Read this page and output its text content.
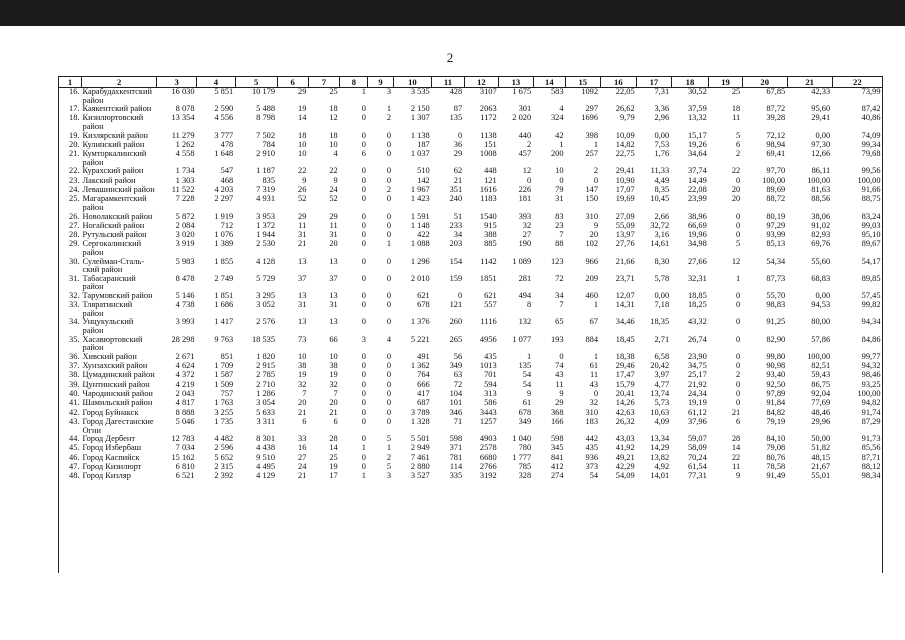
2
1	2	3	4	5	6	7	8	9	10	11	12	13	14	15	16	17	18	19	20	21	22
16.	Карабудахкентский район	16 030	5 851	10 179	29	25	1	3	3 535	428	3107	1 675	583	1092	22,05	7,31	30,52	25	67,85	42,33	73,99
17.	Каякентский район	8 078	2 590	5 488	19	18	0	1	2 150	87	2063	301	4	297	26,62	3,36	37,59	18	87,72	95,60	87,42
18.	Кизилюртовский район	13 354	4 556	8 798	14	12	0	2	1 307	135	1172	2 020	324	1696	9,79	2,96	13,32	11	39,28	29,41	40,86
19.	Кизлярский район	11 279	3 777	7 502	18	18	0	0	1 138	0	1138	440	42	398	10,09	0,00	15,17	5	72,12	0,00	74,09
20.	Кулинский район	1 262	478	784	10	10	0	0	187	36	151	2	1	1	14,82	7,53	19,26	6	98,94	97,30	99,34
21.	Кумторкалинский район	4 558	1 648	2 910	10	4	6	0	1 037	29	1008	457	200	257	22,75	1,76	34,64	2	69,41	12,66	79,68
22.	Курахский район	1 734	547	1 187	22	22	0	0	510	62	448	12	10	2	29,41	11,33	37,74	22	97,70	86,11	99,56
23.	Лакский район	1 303	468	835	9	9	0	0	142	21	121	0	0	0	10,90	4,49	14,49	0	100,00	100,00	100,00
24.	Левашинский район	11 522	4 203	7 319	26	24	0	2	1 967	351	1616	226	79	147	17,07	8,35	22,08	20	89,69	81,63	91,66
25.	Магарамкентский район	7 228	2 297	4 931	52	52	0	0	1 423	240	1183	181	31	150	19,69	10,45	23,99	20	88,72	88,56	88,75
26.	Новолакский район	5 872	1 919	3 953	29	29	0	0	1 591	51	1540	393	83	310	27,09	2,66	38,96	0	80,19	38,06	83,24
27.	Ногайский район	2 084	712	1 372	11	11	0	0	1 148	233	915	32	23	9	55,09	32,72	66,69	0	97,29	91,02	99,03
28.	Рутульский район	3 020	1 076	1 944	31	31	0	0	422	34	388	27	7	20	13,97	3,16	19,96	0	93,99	82,93	95,10
29.	Сергокалинский район	3 919	1 389	2 530	21	20	0	1	1 088	203	885	190	88	102	27,76	14,61	34,98	5	85,13	69,76	89,67
30.	Сулейман-Сталь-ский район	5 983	1 855	4 128	13	13	0	0	1 296	154	1142	1 089	123	966	21,66	8,30	27,66	12	54,34	55,60	54,17
31.	Табасаранский район	8 478	2 749	5 729	37	37	0	0	2 010	159	1851	281	72	209	23,71	5,78	32,31	1	87,73	68,83	89,85
32.	Тарумовский район	5 146	1 851	3 295	13	13	0	0	621	0	621	494	34	460	12,07	0,00	18,85	0	55,70	0,00	57,45
33.	Тляратинский район	4 738	1 686	3 052	31	31	0	0	678	121	557	8	7	1	14,31	7,18	18,25	0	98,83	94,53	99,82
34.	Унцукульский район	3 993	1 417	2 576	13	13	0	0	1 376	260	1116	132	65	67	34,46	18,35	43,32	0	91,25	80,00	94,34
35.	Хасавюртовский район	28 298	9 763	18 535	73	66	3	4	5 221	265	4956	1 077	193	884	18,45	2,71	26,74	0	82,90	57,86	84,86
36.	Хивский район	2 671	851	1 820	10	10	0	0	491	56	435	1	0	1	18,38	6,58	23,90	0	99,80	100,00	99,77
37.	Хунзахский район	4 624	1 709	2 915	38	38	0	0	1 362	349	1013	135	74	61	29,46	20,42	34,75	0	90,98	82,51	94,32
38.	Цумадинский район	4 372	1 587	2 785	19	19	0	0	764	63	701	54	43	11	17,47	3,97	25,17	2	93,40	59,43	98,46
39.	Цунтинский район	4 219	1 509	2 710	32	32	0	0	666	72	594	54	11	43	15,79	4,77	21,92	0	92,50	86,75	93,25
40.	Чародинский район	2 043	757	1 286	7	7	0	0	417	104	313	9	9	0	20,41	13,74	24,34	0	97,89	92,04	100,00
41.	Шамильский район	4 817	1 763	3 054	20	20	0	0	687	101	586	61	29	32	14,26	5,73	19,19	0	91,84	77,69	94,82
42.	Город Буйнакск	8 888	3 255	5 633	21	21	0	0	3 789	346	3443	678	368	310	42,63	10,63	61,12	21	84,82	48,46	91,74
43.	Город Дагестанские Огни	5 046	1 735	3 311	6	6	0	0	1 328	71	1257	349	166	183	26,32	4,09	37,96	6	79,19	29,96	87,29
44.	Город Дербент	12 783	4 482	8 301	33	28	0	5	5 501	598	4903	1 040	598	442	43,03	13,34	59,07	28	84,10	50,00	91,73
45.	Город Избербаш	7 034	2 596	4 438	16	14	1	1	2 949	371	2578	780	345	435	41,92	14,29	58,09	14	79,08	51,82	85,56
46.	Город Каспийск	15 162	5 652	9 510	27	25	0	2	7 461	781	6680	1 777	841	936	49,21	13,82	70,24	22	80,76	48,15	87,71
47.	Город Кизилюрт	6 810	2 315	4 495	24	19	0	5	2 880	114	2766	785	412	373	42,29	4,92	61,54	11	78,58	21,67	88,12
48.	Город Кизляр	6 521	2 392	4 129	21	17	1	3	3 527	335	3192	328	274	54	54,09	14,01	77,31	9	91,49	55,01	98,34
